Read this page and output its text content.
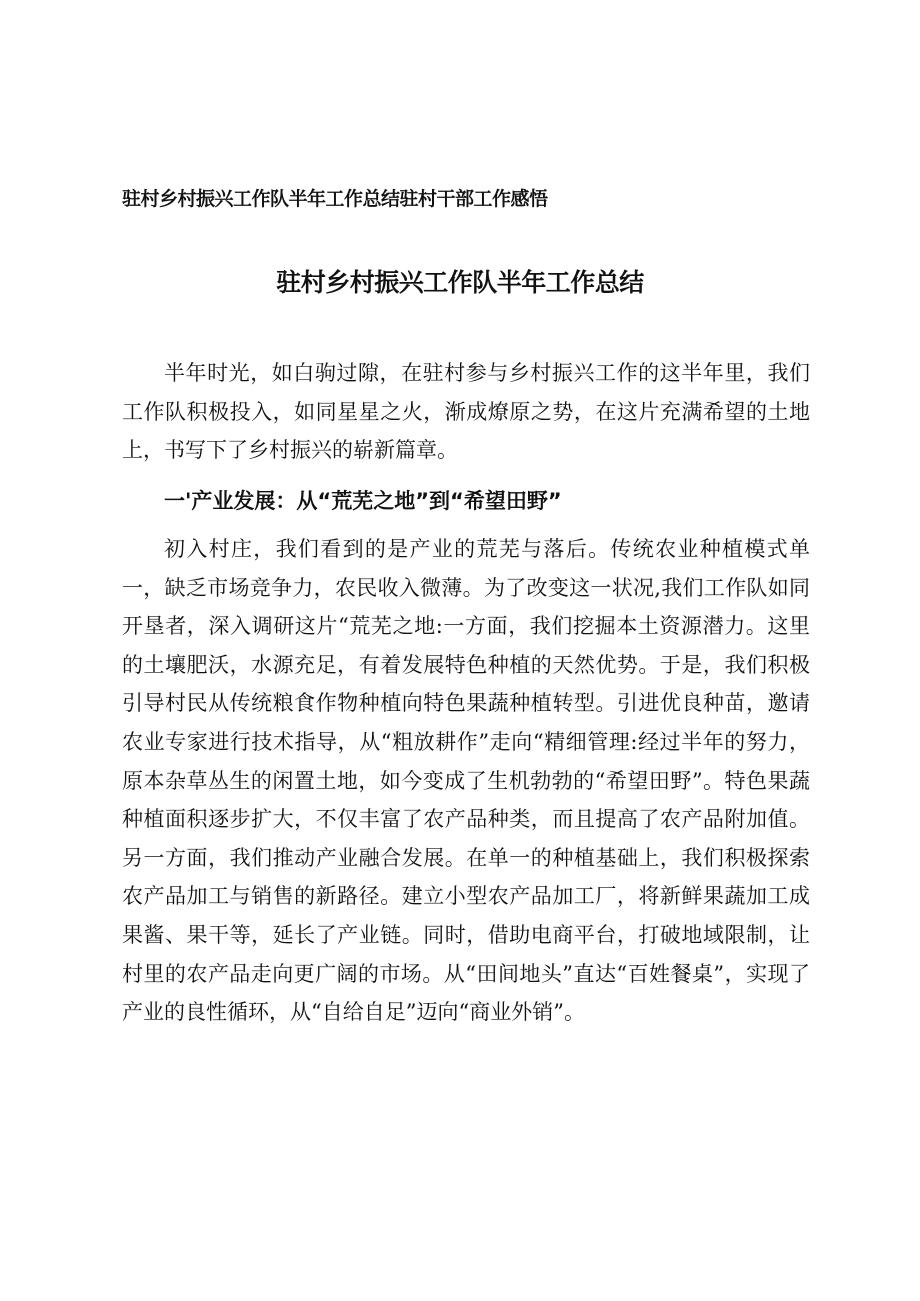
驻村乡村振兴工作队半年工作总结驻村干部工作感悟
驻村乡村振兴工作队半年工作总结

半年时光，如白驹过隙，在驻村参与乡村振兴工作的这半年里，我们工作队积极投入，如同星星之火，渐成燎原之势，在这片充满希望的土地上，书写下了乡村振兴的崭新篇章。

一'产业发展：从“荒芜之地”到“希望田野”

初入村庄，我们看到的是产业的荒芜与落后。传统农业种植模式单一，缺乏市场竞争力，农民收入微薄。为了改变这一状况,我们工作队如同开垦者，深入调研这片“荒芜之地:一方面，我们挖掘本土资源潜力。这里的土壤肥沃，水源充足，有着发展特色种植的天然优势。于是，我们积极引导村民从传统粮食作物种植向特色果蔬种植转型。引进优良种苗，邀请农业专家进行技术指导，从“粗放耕作”走向“精细管理:经过半年的努力，原本杂草丛生的闲置土地，如今变成了生机勃勃的“希望田野”。特色果蔬种植面积逐步扩大，不仅丰富了农产品种类，而且提高了农产品附加值。另一方面，我们推动产业融合发展。在单一的种植基础上，我们积极探索农产品加工与销售的新路径。建立小型农产品加工厂，将新鲜果蔬加工成果酱、果干等，延长了产业链。同时，借助电商平台，打破地域限制，让村里的农产品走向更广阔的市场。从“田间地头”直达“百姓餐桌”，实现了产业的良性循环，从“自给自足”迈向“商业外销”。
